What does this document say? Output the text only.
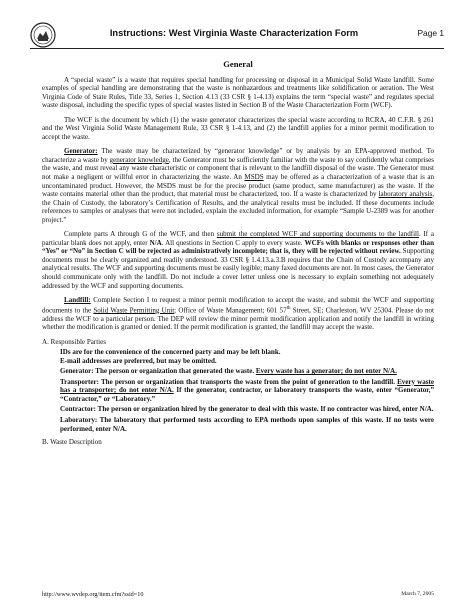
Instructions: West Virginia Waste Characterization Form	Page 1
General

A “special waste” is a waste that requires special handling for processing or disposal in a Municipal Solid Waste landfill. Some examples of special handling are demonstrating that the waste is nonhazardous and treatments like solidification or aeration. The West Virginia Code of State Rules, Title 33, Series 1, Section 4.13 (33 CSR § 1-4.13) explains the term “special waste” and regulates special waste disposal, including the specific types of special wastes listed in Section B of the Waste Characterization Form (WCF).

The WCF is the document by which (1) the waste generator characterizes the special waste according to RCRA, 40 C.F.R. § 261 and the West Virginia Solid Waste Management Rule, 33 CSR § 1-4.13, and (2) the landfill applies for a minor permit modification to accept the waste.

Generator: The waste may be characterized by “generator knowledge” or by analysis by an EPA-approved method. To characterize a waste by generator knowledge, the Generator must be sufficiently familiar with the waste to say confidently what comprises the waste, and must reveal any waste characteristic or component that is relevant to the landfill disposal of the waste. The Generator must not make a negligent or willful error in characterizing the waste. An MSDS may be offered as a characterization of a waste that is an uncontaminated product. However, the MSDS must be for the precise product (same product, same manufacturer) as the waste. If the waste contains material other than the product, that material must be characterized, too. If a waste is characterized by laboratory analysis, the Chain of Custody, the laboratory’s Certification of Results, and the analytical results must be included. If these documents include references to samples or analyses that were not included, explain the excluded information, for example “Sample U-2389 was for another project.”

Complete parts A through G of the WCF, and then submit the completed WCF and supporting documents to the landfill. If a particular blank does not apply, enter N/A. All questions in Section C apply to every waste. WCFs with blanks or responses other than “Yes” or “No” in Section C will be rejected as administratively incomplete; that is, they will be rejected without review. Supporting documents must be clearly organized and readily understood. 33 CSR § 1.4.13.a.3.B requires that the Chain of Custody accompany any analytical results. The WCF and supporting documents must be easily legible; many faxed documents are not. In most cases, the Generator should communicate only with the landfill. Do not include a cover letter unless one is necessary to explain something not adequately addressed by the WCF and supporting documents.

Landfill: Complete Section I to request a minor permit modification to accept the waste, and submit the WCF and supporting documents to the Solid Waste Permitting Unit; Office of Waste Management; 601 57th Street, SE; Charleston, WV 25304. Please do not address the WCF to a particular person. The DEP will review the minor permit modification application and notify the landfill in writing whether the modification is granted or denied. If the permit modification is granted, the landfill may accept the waste.

A. Responsible Parties
IDs are for the convenience of the concerned party and may be left blank.
E-mail addresses are preferred, but may be omitted.
Generator: The person or organization that generated the waste. Every waste has a generator; do not enter N/A.
Transporter: The person or organization that transports the waste from the point of generation to the landfill. Every waste has a transporter; do not enter N/A. If the generator, contractor, or laboratory transports the waste, enter “Generator,” “Contractor,” or “Laboratory.”
Contractor: The person or organization hired by the generator to deal with this waste. If no contractor was hired, enter N/A.
Laboratory: The laboratory that performed tests according to EPA methods upon samples of this waste. If no tests were performed, enter N/A.
B. Waste Description
http://www.wvdep.org/item.cfm?ssid=10	March 7, 2005
